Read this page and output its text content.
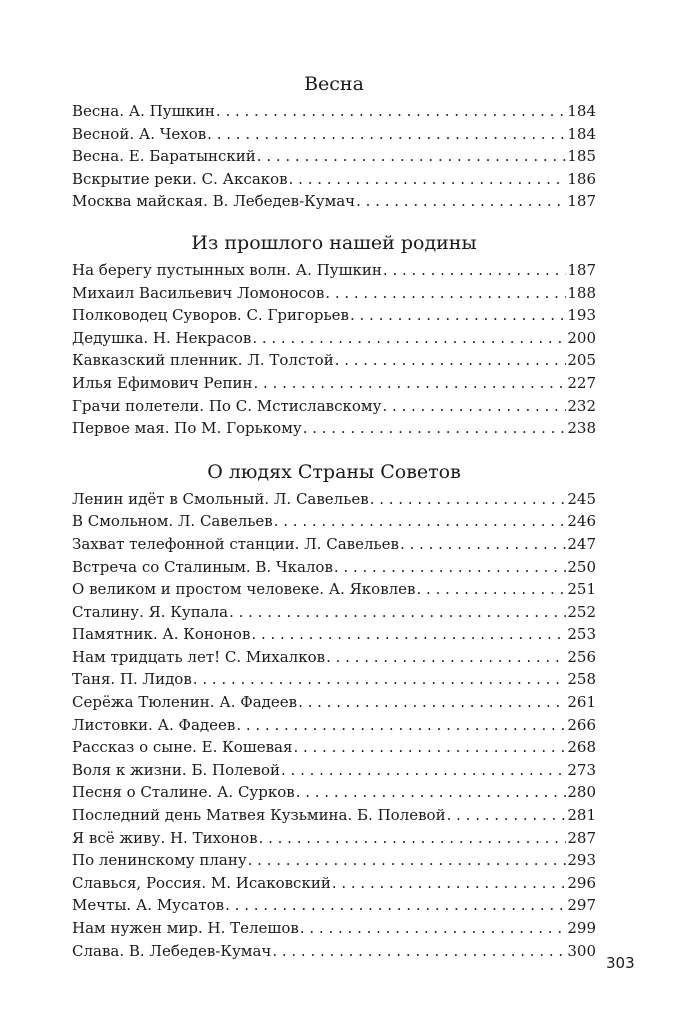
Весна
Весна. А. Пушкин . . .	184
Весной. А. Чехов . . .	184
Весна. Е. Баратынский . . .	185
Вскрытие реки. С. Аксаков . . .	186
Москва майская. В. Лебедев-Кумач . . .	187
Из прошлого нашей родины
На берегу пустынных волн. А. Пушкин . . .	187
Михаил Васильевич Ломоносов . . .	188
Полководец Суворов. С. Григорьев . . .	193
Дедушка. Н. Некрасов . . .	200
Кавказский пленник. Л. Толстой . . .	205
Илья Ефимович Репин . . .	227
Грачи полетели. По С. Мстиславскому . . .	232
Первое мая. По М. Горькому . . .	238
О людях Страны Советов
Ленин идёт в Смольный. Л. Савельев . . .	245
В Смольном. Л. Савельев . . .	246
Захват телефонной станции. Л. Савельев . . .	247
Встреча со Сталиным. В. Чкалов . . .	250
О великом и простом человеке. А. Яковлев . . .	251
Сталину. Я. Купала . . .	252
Памятник. А. Кононов . . .	253
Нам тридцать лет! С. Михалков . . .	256
Таня. П. Лидов . . .	258
Серёжа Тюленин. А. Фадеев . . .	261
Листовки. А. Фадеев . . .	266
Рассказ о сыне. Е. Кошевая . . .	268
Воля к жизни. Б. Полевой . . .	273
Песня о Сталине. А. Сурков . . .	280
Последний день Матвея Кузьмина. Б. Полевой . . .	281
Я всё живу. Н. Тихонов . . .	287
По ленинскому плану . . .	293
Славься, Россия. М. Исаковский . . .	296
Мечты. А. Мусатов . . .	297
Нам нужен мир. Н. Телешов . . .	299
Слава. В. Лебедев-Кумач . . .	300
303
